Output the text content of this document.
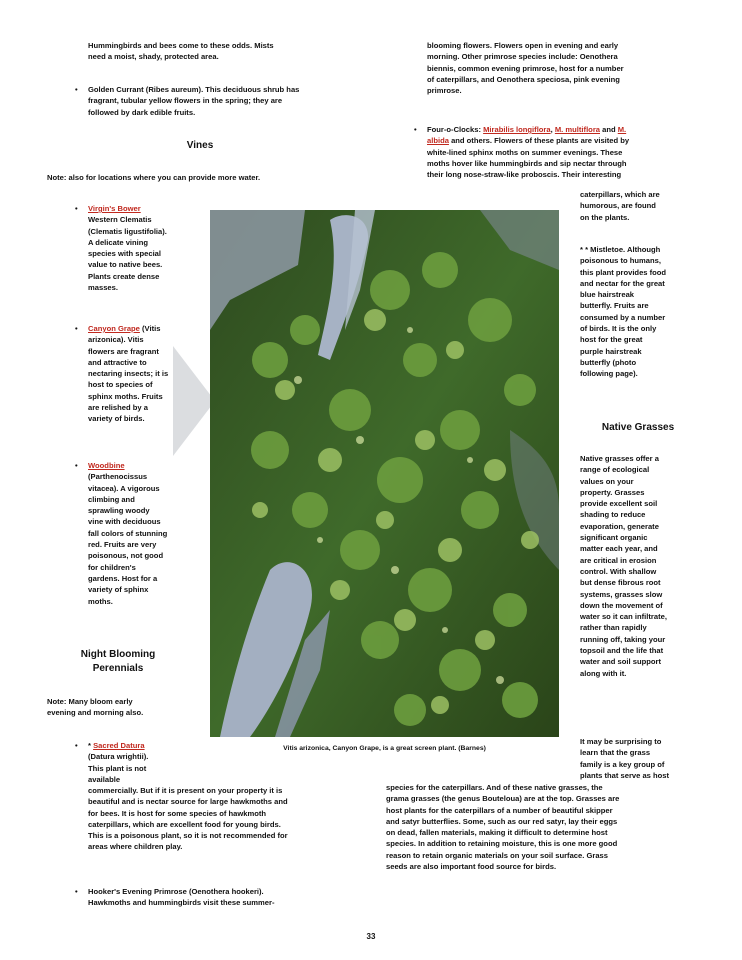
Hummingbirds and bees come to these odds. Mists
need a moist, shady, protected area.
• Golden Currant (Ribes aureum). This deciduous shrub has
fragrant, tubular yellow flowers in the spring; they are
followed by dark edible fruits.
Vines
Note: also for locations where you can provide more water.
• Virgin's Bower
Western Clematis
(Clematis ligustifolia).
A delicate vining
species with special
value to native bees.
Plants create dense
masses.
• Canyon Grape (Vitis
arizonica). Vitis
flowers are fragrant
and attractive to
nectaring insects; it is
host to species of
sphinx moths. Fruits
are relished by a
variety of birds.
• Woodbine
(Parthenocissus
vitacea). A vigorous
climbing and
sprawling woody
vine with deciduous
fall colors of stunning
red. Fruits are very
poisonous, not good
for children's
gardens. Host for a
variety of sphinx
moths.
Night Blooming
Perennials
Note: Many bloom early
evening and morning also.
• * Sacred Datura
(Datura wrightii).
This plant is not
available
commercially. But if it is present on your property it is
beautiful and is nectar source for large hawkmoths and
for bees. It is host for some species of hawkmoth
caterpillars, which are excellent food for young birds.
This is a poisonous plant, so it is not recommended for
areas where children play.
• Hooker's Evening Primrose (Oenothera hookeri).
Hawkmoths and hummingbirds visit these summer-
blooming flowers. Flowers open in evening and early
morning. Other primrose species include: Oenothera
biennis, common evening primrose, host for a number
of caterpillars, and Oenothera speciosa, pink evening
primrose.
• Four-o-Clocks: Mirabilis longiflora, M. multiflora and M.
albida and others. Flowers of these plants are visited by
white-lined sphinx moths on summer evenings. These
moths hover like hummingbirds and sip nectar through
their long nose-straw-like proboscis. Their interesting
caterpillars, which are
humorous, are found
on the plants.
* * Mistletoe. Although
poisonous to humans,
this plant provides food
and nectar for the great
blue hairstreak
butterfly. Fruits are
consumed by a number
of birds. It is the only
host for the great
purple hairstreak
butterfly (photo
following page).
Native Grasses
Native grasses offer a
range of ecological
values on your
property. Grasses
provide excellent soil
shading to reduce
evaporation, generate
significant organic
matter each year, and
are critical in erosion
control. With shallow
but dense fibrous root
systems, grasses slow
down the movement of
water so it can infiltrate,
rather than rapidly
running off, taking your
topsoil and the life that
water and soil support
along with it.
It may be surprising to
learn that the grass
family is a key group of
plants that serve as host
species for the caterpillars. And of these native grasses, the
grama grasses (the genus Bouteloua) are at the top. Grasses are
host plants for the caterpillars of a number of beautiful skipper
and satyr butterflies. Some, such as our red satyr, lay their eggs
on dead, fallen materials, making it difficult to determine host
species. In addition to retaining moisture, this is one more good
reason to retain organic materials on your soil surface. Grass
seeds are also important food source for birds.
Vitis arizonica, Canyon Grape, is a great screen plant. (Barnes)
33
